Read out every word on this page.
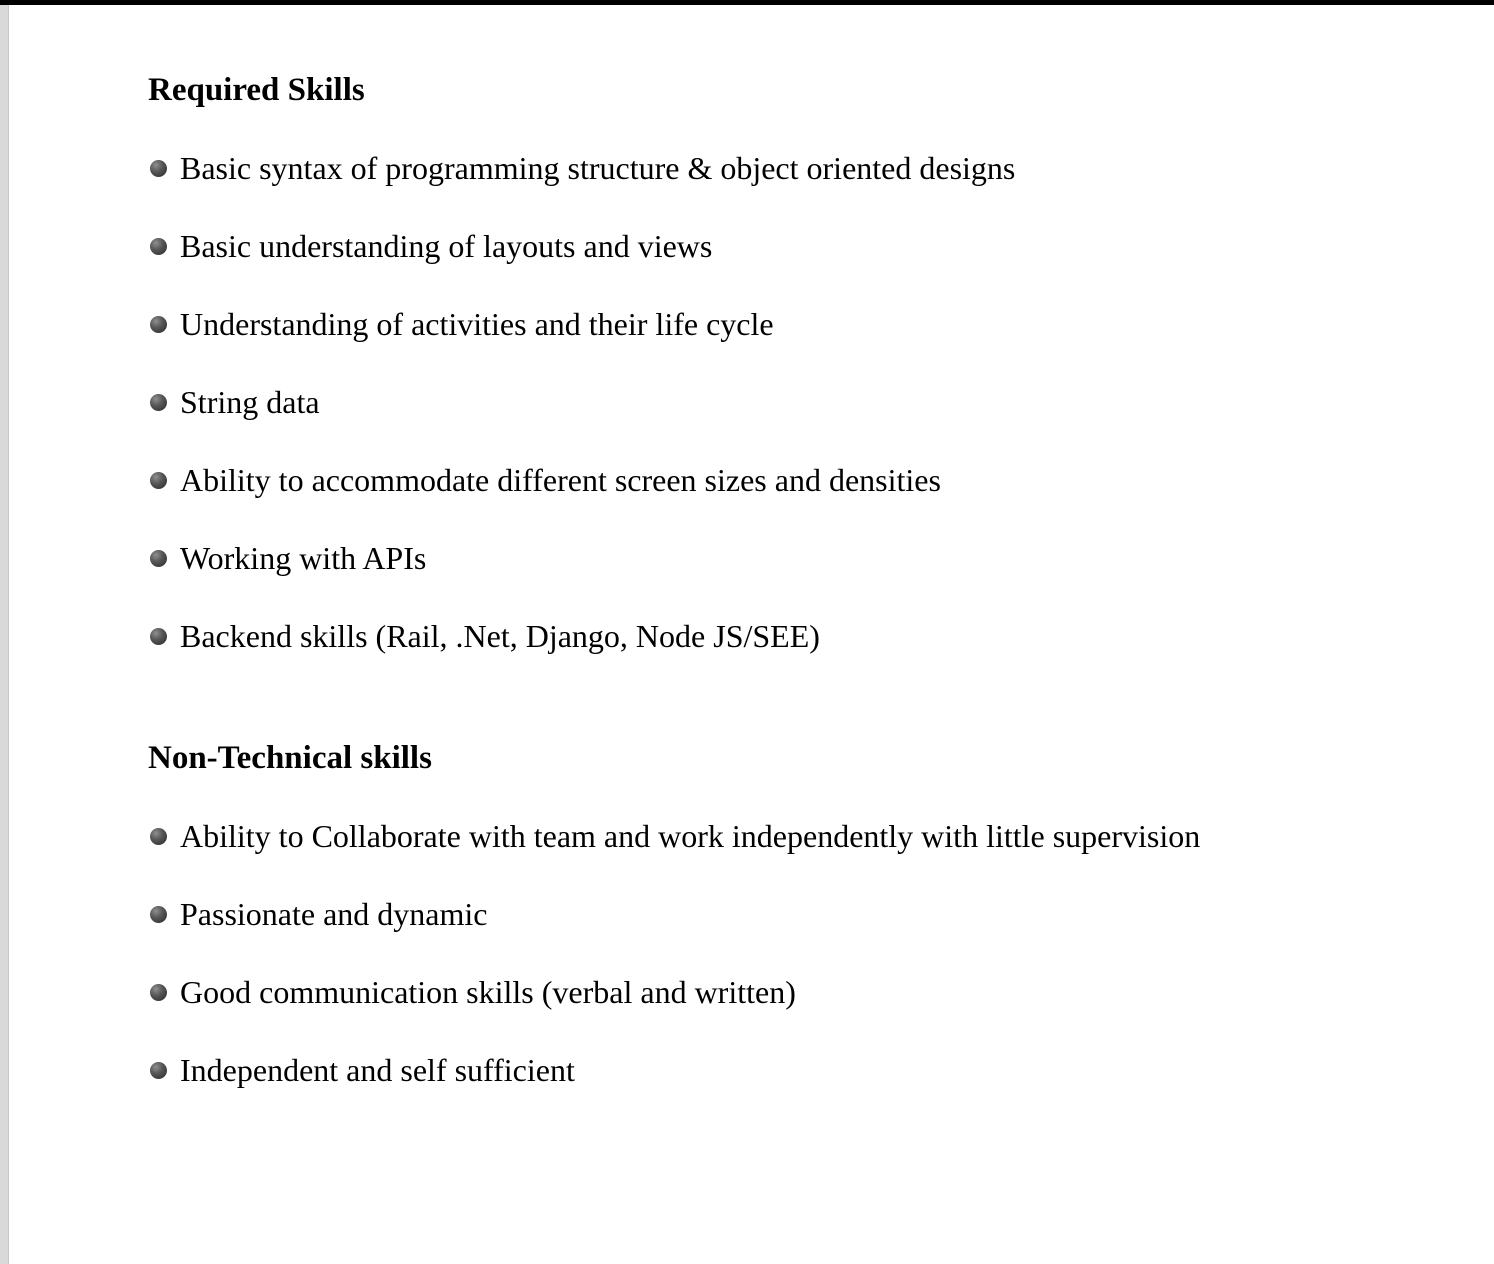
Required Skills
Basic syntax of programming structure & object oriented designs
Basic understanding of layouts and views
Understanding of activities and their life cycle
String data
Ability to accommodate different screen sizes and densities
Working with APIs
Backend skills (Rail, .Net, Django, Node JS/SEE)
Non-Technical skills
Ability to Collaborate with team and work independently with little supervision
Passionate and dynamic
Good communication skills (verbal and written)
Independent and self sufficient
